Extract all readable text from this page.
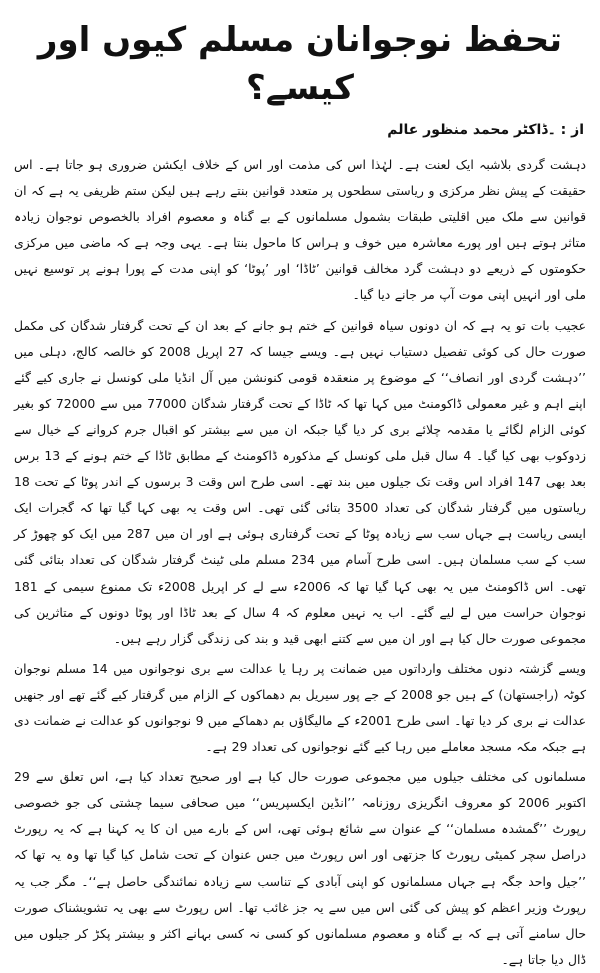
تحفظ نوجوانان مسلم کیوں اور کیسے؟
از : ۔ڈاکٹر محمد منظور عالم

دہشت گردی بلاشبہ ایک لعنت ہے۔ لہٰذا اس کی مذمت اور اس کے خلاف ایکشن ضروری ہو جاتا ہے۔ اس حقیقت کے پیش نظر مرکزی و ریاستی سطحوں پر متعدد قوانین بنتے رہے ہیں لیکن ستم ظریفی یہ ہے کہ ان قوانین سے ملک میں اقلیتی طبقات بشمول مسلمانوں کے بے گناہ و معصوم افراد بالخصوص نوجوان زیادہ متاثر ہوتے ہیں اور پورے معاشرہ میں خوف و ہراس کا ماحول بنتا ہے۔ یہی وجہ ہے کہ ماضی میں مرکزی حکومتوں کے ذریعے دو دہشت گرد مخالف قوانین ’ٹاڈا‘ اور ’پوٹا‘ کو اپنی مدت کے پورا ہونے پر توسیع نہیں ملی اور انہیں اپنی موت آپ مر جانے دیا گیا۔

عجیب بات تو یہ ہے کہ ان دونوں سیاہ قوانین کے ختم ہو جانے کے بعد ان کے تحت گرفتار شدگان کی مکمل صورت حال کی کوئی تفصیل دستیاب نہیں ہے۔ ویسے جیسا کہ 27 اپریل 2008 کو خالصہ کالج، دہلی میں ’’دہشت گردی اور انصاف‘‘ کے موضوع پر منعقدہ قومی کنونشن میں آل انڈیا ملی کونسل نے جاری کیے گئے اپنے اہم و غیر معمولی ڈاکومنٹ میں کہا تھا کہ ٹاڈا کے تحت گرفتار شدگان 77000 میں سے 72000 کو بغیر کوئی الزام لگائے یا مقدمہ چلائے بری کر دیا گیا جبکہ ان میں سے بیشتر کو اقبال جرم کروانے کے خیال سے زدوکوب بھی کیا گیا۔ 4 سال قبل ملی کونسل کے مذکورہ ڈاکومنٹ کے مطابق ٹاڈا کے ختم ہونے کے 13 برس بعد بھی 147 افراد اس وقت تک جیلوں میں بند تھے۔ اسی طرح اس وقت 3 برسوں کے اندر پوٹا کے تحت 18 ریاستوں میں گرفتار شدگان کی تعداد 3500 بتائی گئی تھی۔ اس وقت یہ بھی کہا گیا تھا کہ گجرات ایک ایسی ریاست ہے جہاں سب سے زیادہ پوٹا کے تحت گرفتاری ہوئی ہے اور ان میں 287 میں ایک کو چھوڑ کر سب کے سب مسلمان ہیں۔ اسی طرح آسام میں 234 مسلم ملی ٹینٹ گرفتار شدگان کی تعداد بتائی گئی تھی۔ اس ڈاکومنٹ میں یہ بھی کہا گیا تھا کہ 2006ء سے لے کر اپریل 2008ء تک ممنوع سیمی کے 181 نوجوان حراست میں لے لیے گئے۔ اب یہ نہیں معلوم کہ 4 سال کے بعد ٹاڈا اور پوٹا دونوں کے متاثرین کی مجموعی صورت حال کیا ہے اور ان میں سے کتنے ابھی قید و بند کی زندگی گزار رہے ہیں۔

ویسے گزشتہ دنوں مختلف وارداتوں میں ضمانت پر رہا یا عدالت سے بری نوجوانوں میں 14 مسلم نوجوان کوٹہ (راجستھان) کے ہیں جو 2008 کے جے پور سیریل بم دھماکوں کے الزام میں گرفتار کیے گئے تھے اور جنھیں عدالت نے بری کر دیا تھا۔ اسی طرح 2001ء کے مالیگاؤں بم دھماکے میں 9 نوجوانوں کو عدالت نے ضمانت دی ہے جبکہ مکہ مسجد معاملے میں رہا کیے گئے نوجوانوں کی تعداد 29 ہے۔

مسلمانوں کی مختلف جیلوں میں مجموعی صورت حال کیا ہے اور صحیح تعداد کیا ہے، اس تعلق سے 29 اکتوبر 2006 کو معروف انگریزی روزنامہ ’’انڈین ایکسپریس‘‘ میں صحافی سیما چشتی کی جو خصوصی رپورٹ ’’گمشدہ مسلمان‘‘ کے عنوان سے شائع ہوئی تھی، اس کے بارے میں ان کا یہ کہنا ہے کہ یہ رپورٹ دراصل سچر کمیٹی رپورٹ کا جزتھی اور اس رپورٹ میں جس عنوان کے تحت شامل کیا گیا تھا وہ یہ تھا کہ ’’جیل واحد جگہ ہے جہاں مسلمانوں کو اپنی آبادی کے تناسب سے زیادہ نمائندگی حاصل ہے‘‘۔ مگر جب یہ رپورٹ وزیر اعظم کو پیش کی گئی اس میں سے یہ جز غائب تھا۔ اس رپورٹ سے بھی یہ تشویشناک صورت حال سامنے آتی ہے کہ بے گناہ و معصوم مسلمانوں کو کسی نہ کسی بہانے اکثر و بیشتر پکڑ کر جیلوں میں ڈال دیا جاتا ہے۔
